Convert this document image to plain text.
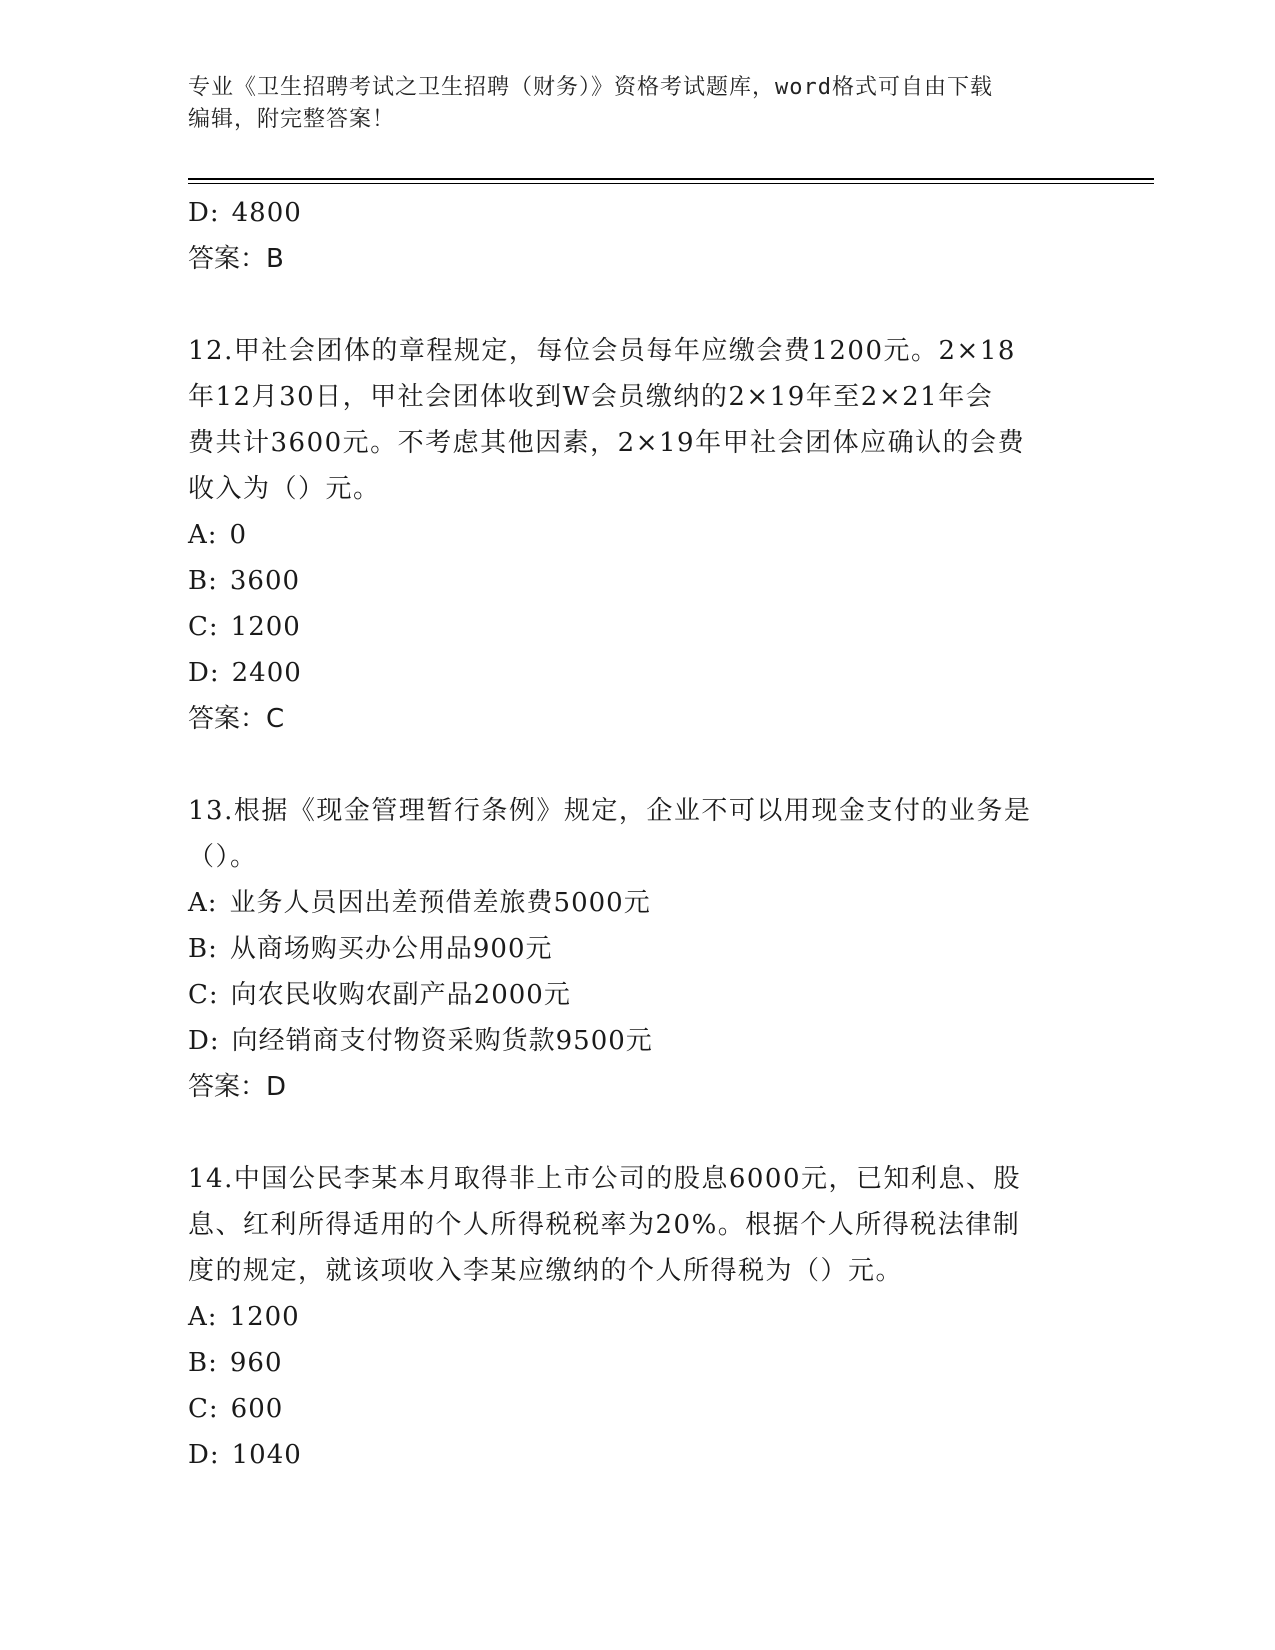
专业《卫生招聘考试之卫生招聘（财务）》资格考试题库，word格式可自由下载
编辑，附完整答案！
D: 4800
答案：B
12.甲社会团体的章程规定，每位会员每年应缴会费1200元。2×18
年12月30日，甲社会团体收到W会员缴纳的2×19年至2×21年会
费共计3600元。不考虑其他因素，2×19年甲社会团体应确认的会费
收入为（）元。
A: 0
B: 3600
C: 1200
D: 2400
答案：C
13.根据《现金管理暂行条例》规定，企业不可以用现金支付的业务是
（）。
A: 业务人员因出差预借差旅费5000元
B: 从商场购买办公用品900元
C: 向农民收购农副产品2000元
D: 向经销商支付物资采购货款9500元
答案：D
14.中国公民李某本月取得非上市公司的股息6000元，已知利息、股
息、红利所得适用的个人所得税税率为20%。根据个人所得税法律制
度的规定，就该项收入李某应缴纳的个人所得税为（）元。
A: 1200
B: 960
C: 600
D: 1040
